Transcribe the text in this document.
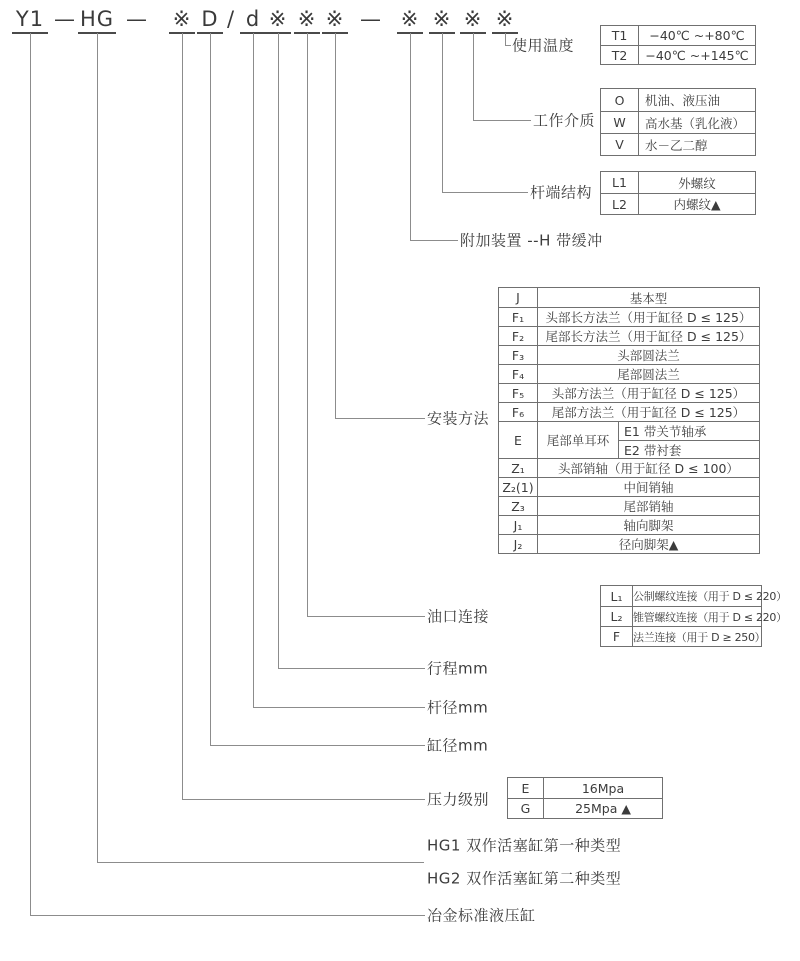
Y1 — HG — ※ D / d ※ ※ ※ — ※ ※ ※ ※
使用温度
工作介质
杆端结构
附加装置 --H 带缓冲
安装方法
油口连接
行程mm
杆径mm
缸径mm
压力级别
HG1 双作活塞缸第一种类型
HG2 双作活塞缸第二种类型
冶金标准液压缸
T1	−40℃ ~+80℃
T2	−40℃ ~+145℃
O	机油、液压油
W	高水基（乳化液）
V	水－乙二醇
L1	外螺纹
L2	内螺纹▲
J	基本型
F₁	头部长方法兰（用于缸径 D ≤ 125）
F₂	尾部长方法兰（用于缸径 D ≤ 125）
F₃	头部圆法兰
F₄	尾部圆法兰
F₅	头部方法兰（用于缸径 D ≤ 125）
F₆	尾部方法兰（用于缸径 D ≤ 125）
E	尾部单耳环
E1 带关节轴承
E2 带衬套
Z₁	头部销轴（用于缸径 D ≤ 100）
Z₂(1)	中间销轴
Z₃	尾部销轴
J₁	轴向脚架
J₂	径向脚架▲
L₁ 公制螺纹连接（用于 D ≤ 220）
L₂ 锥管螺纹连接（用于 D ≤ 220）
F	法兰连接（用于 D ≥ 250）
E	16Mpa
G	25Mpa ▲
